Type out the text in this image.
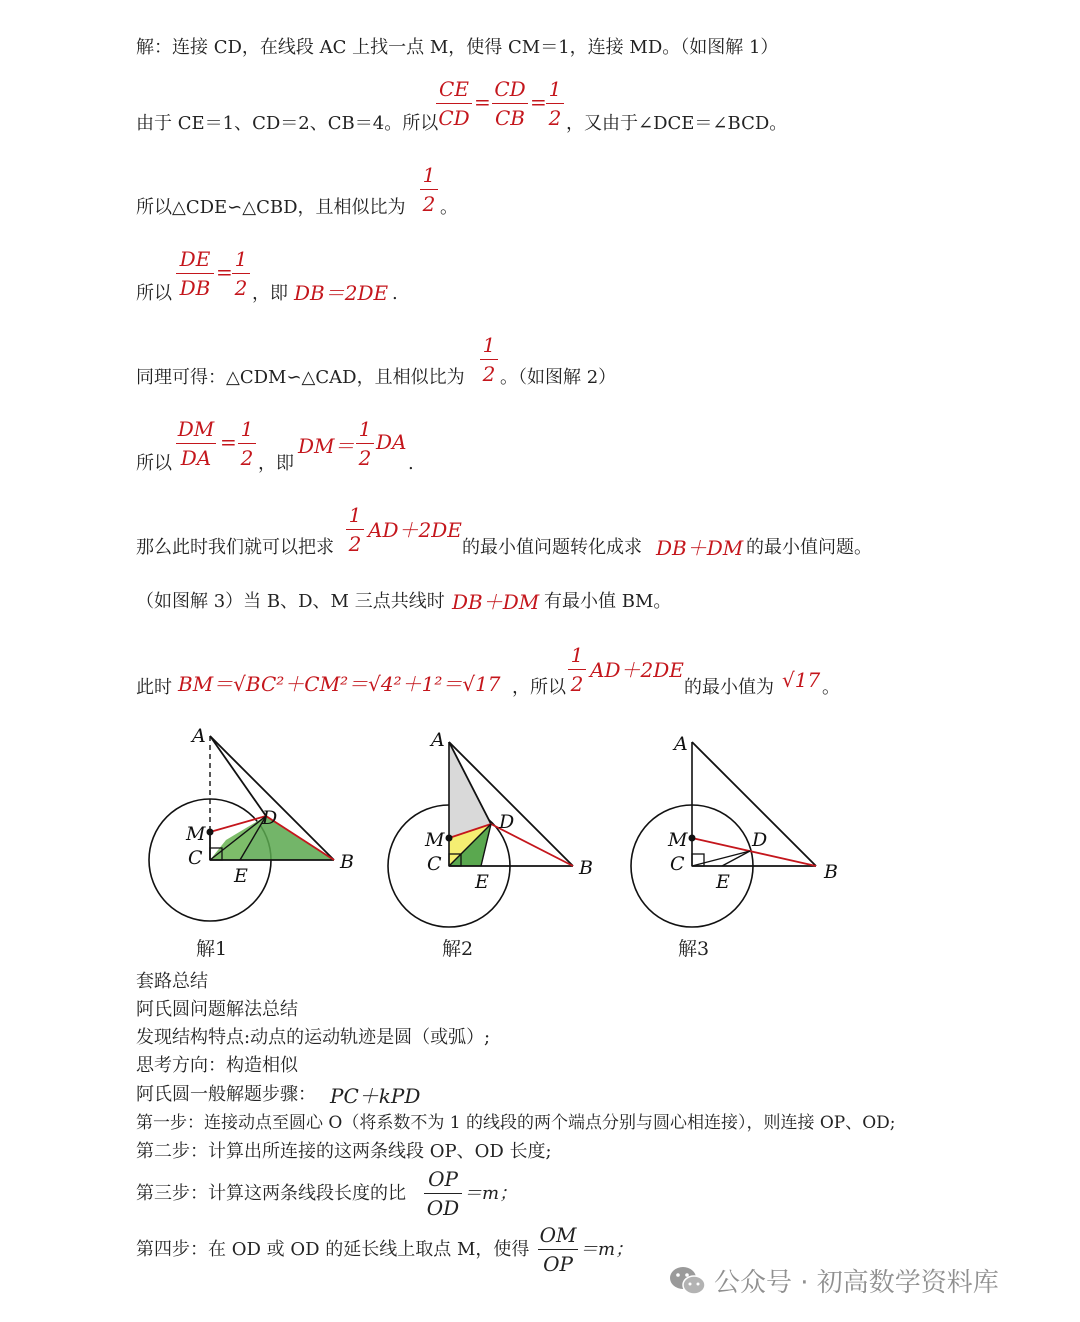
解：连接 CD，在线段 AC 上找一点 M，使得 CM＝1，连接 MD。（如图解 1）
由于 CE＝1、CD＝2、CB＝4。所以
CE
CD
=
CD
CB
=
1
2 ，又由于∠DCE＝∠BCD。
所以△CDE∽△CBD，且相似比为
1
2 。
所以
DE
DB
=
1
2 ，即 DB＝2DE .
同理可得：△CDM∽△CAD，且相似比为
1
2 。（如图解 2）
所以
DM
DA
=
1
2 ，即
DM＝
1
2
DA
.
那么此时我们就可以把求
1
2
AD＋2DE
的最小值问题转化成求 DB＋DM 的最小值问题。
（如图解 3）当 B、D、M 三点共线时 DB＋DM 有最小值 BM。
此时 BM＝√BC²＋CM²＝√4²＋1²＝√17 ，所以
1
2
AD＋2DE
的最小值为 √17 。
A
M
C
D
E
B
A
M
C
D
E
B
A
M
C
D
E	B
解1	解2	解3
套路总结
阿氏圆问题解法总结
发现结构特点:动点的运动轨迹是圆（或弧）;
思考方向：构造相似
阿氏圆一般解题步骤： PC＋kPD
第一步：连接动点至圆心 O（将系数不为 1 的线段的两个端点分别与圆心相连接），则连接 OP、OD;
第二步：计算出所连接的这两条线段 OP、OD 长度;
第三步：计算这两条线段长度的比
OP
OD
＝m；
第四步：在 OD 或 OD 的延长线上取点 M，使得
OM
OP
＝m；
公众号 · 初高数学资料库
